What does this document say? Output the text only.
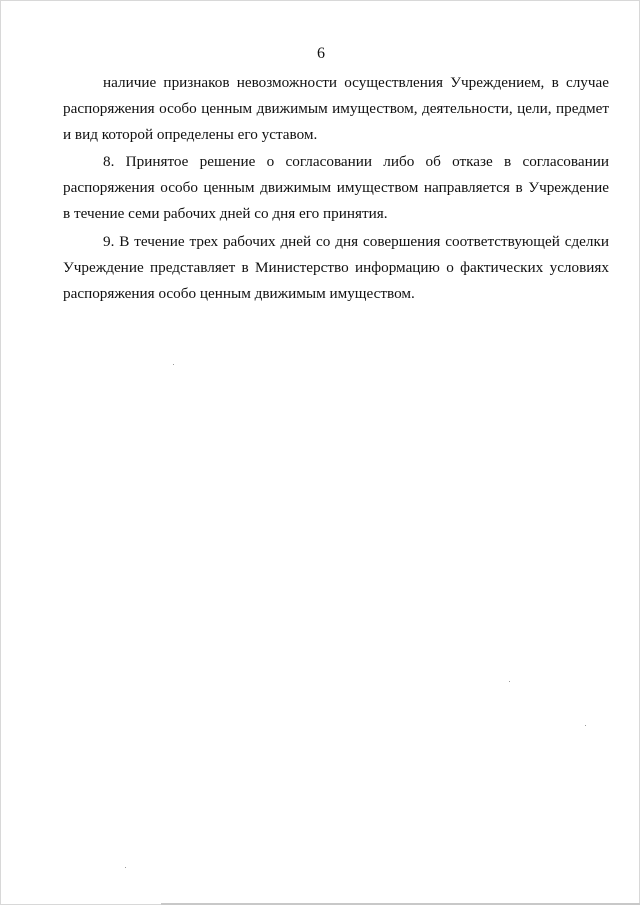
6
наличие признаков невозможности осуществления Учреждением, в случае
распоряжения особо ценным движимым имуществом, деятельности, цели, предмет
и вид которой определены его уставом.
8. Принятое решение о согласовании либо об отказе в согласовании
распоряжения особо ценным движимым имуществом направляется в Учреждение
в течение семи рабочих дней со дня его принятия.
9. В течение трех рабочих дней со дня совершения соответствующей сделки
Учреждение представляет в Министерство информацию о фактических условиях
распоряжения особо ценным движимым имуществом.
